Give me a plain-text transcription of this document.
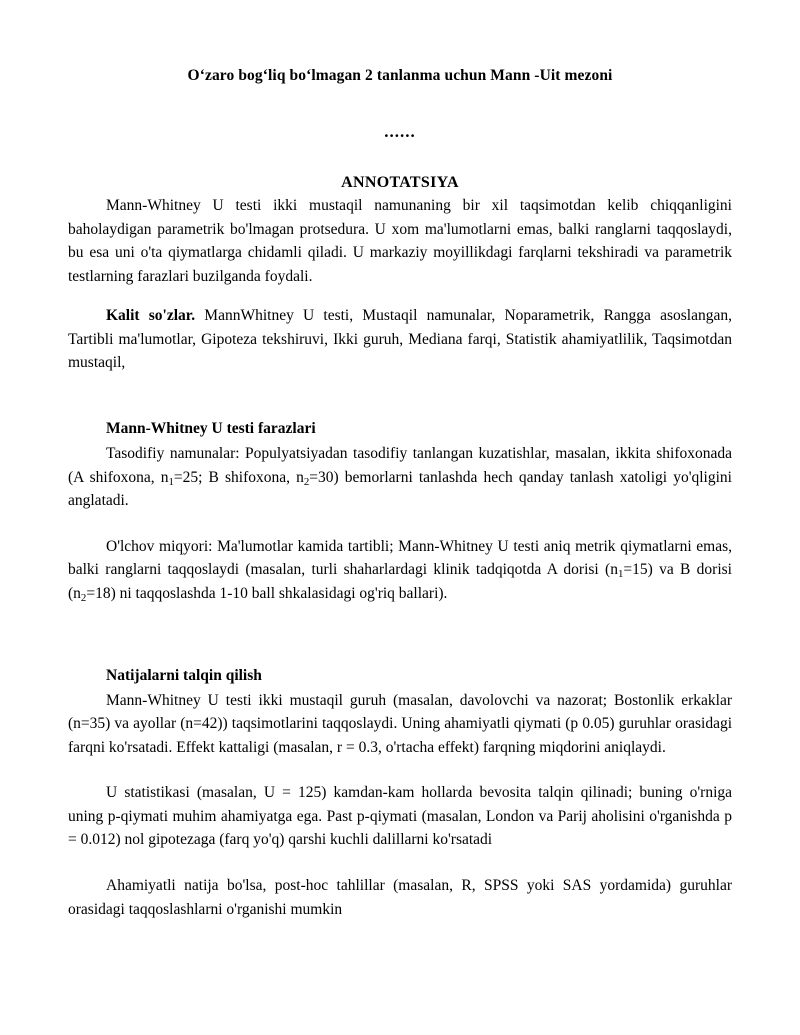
O‘zaro bog‘liq bo‘lmagan 2 tanlanma uchun Mann -Uit mezoni
......
ANNOTATSIYA

Mann-Whitney U testi ikki mustaqil namunaning bir xil taqsimotdan kelib chiqqanligini baholaydigan parametrik bo'lmagan protsedura. U xom ma'lumotlarni emas, balki ranglarni taqqoslaydi, bu esa uni o'ta qiymatlarga chidamli qiladi. U markaziy moyillikdagi farqlarni tekshiradi va parametrik testlarning farazlari buzilganda foydali.

Kalit so'zlar. MannWhitney U testi, Mustaqil namunalar, Noparametrik, Rangga asoslangan, Tartibli ma'lumotlar, Gipoteza tekshiruvi, Ikki guruh, Mediana farqi, Statistik ahamiyatlilik, Taqsimotdan mustaqil,

Mann-Whitney U testi farazlari

Tasodifiy namunalar: Populyatsiyadan tasodifiy tanlangan kuzatishlar, masalan, ikkita shifoxonada (A shifoxona, $n_1=25$; B shifoxona, $n_2=30$) bemorlarni tanlashda hech qanday tanlash xatoligi yo'qligini anglatadi.

O'lchov miqyori: Ma'lumotlar kamida tartibli; Mann-Whitney U testi aniq metrik qiymatlarni emas, balki ranglarni taqqoslaydi (masalan, turli shaharlardagi klinik tadqiqotda A dorisi $(n_1=15)$ va B dorisi $(n_2=18)$ ni taqqoslashda 1-10 ball shkalasidagi og'riq ballari).

Natijalarni talqin qilish

Mann-Whitney U testi ikki mustaqil guruh (masalan, davolovchi va nazorat; Bostonlik erkaklar (n=35) va ayollar (n=42)) taqsimotlarini taqqoslaydi. Uning ahamiyatli qiymati (p 0.05) guruhlar orasidagi farqni ko'rsatadi. Effekt kattaligi (masalan, r = 0.3, o'rtacha effekt) farqning miqdorini aniqlaydi.

U statistikasi (masalan, U = 125) kamdan-kam hollarda bevosita talqin qilinadi; buning o'rniga uning p-qiymati muhim ahamiyatga ega. Past p-qiymati (masalan, London va Parij aholisini o'rganishda p = 0.012) nol gipotezaga (farq yo'q) qarshi kuchli dalillarni ko'rsatadi

Ahamiyatli natija bo'lsa, post-hoc tahlillar (masalan, R, SPSS yoki SAS yordamida) guruhlar orasidagi taqqoslashlarni o'rganishi mumkin
